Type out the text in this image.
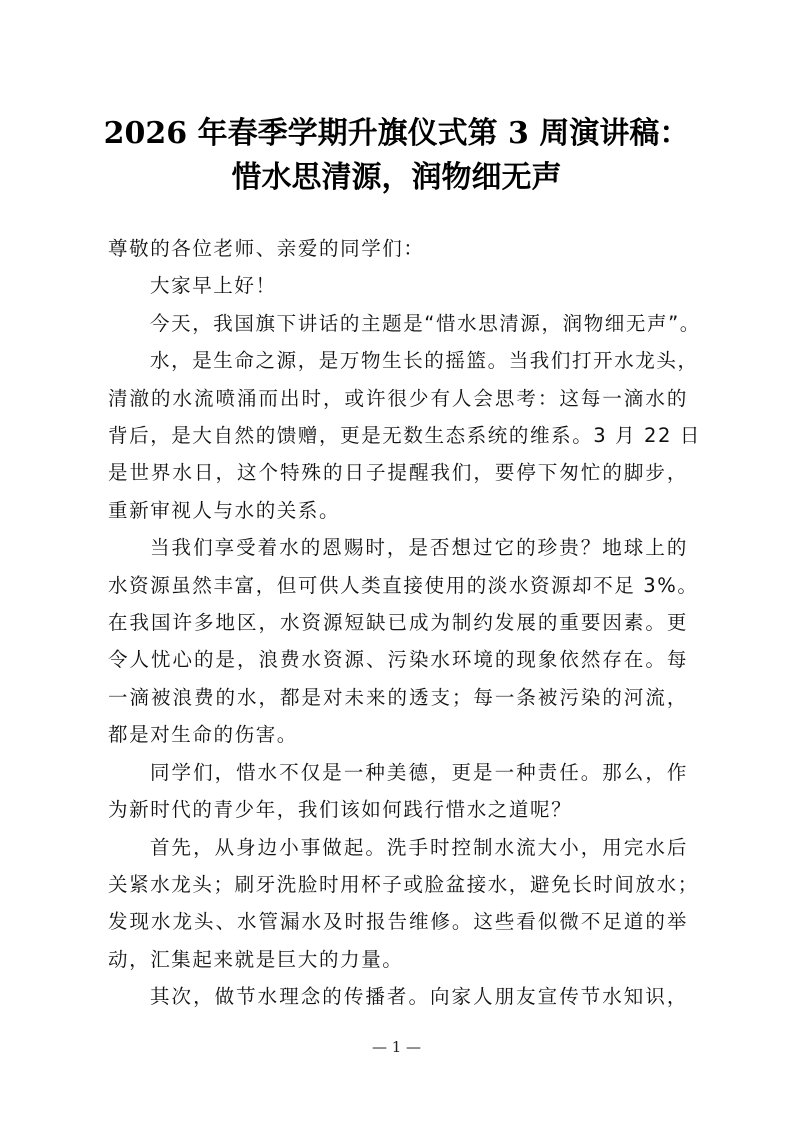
2026 年春季学期升旗仪式第 3 周演讲稿：
惜水思清源，润物细无声

尊敬的各位老师、亲爱的同学们：

大家早上好！

今天，我国旗下讲话的主题是“惜水思清源，润物细无声”。

水，是生命之源，是万物生长的摇篮。当我们打开水龙头，
清澈的水流喷涌而出时，或许很少有人会思考：这每一滴水的
背后，是大自然的馈赠，更是无数生态系统的维系。3 月 22 日
是世界水日，这个特殊的日子提醒我们，要停下匆忙的脚步，
重新审视人与水的关系。

当我们享受着水的恩赐时，是否想过它的珍贵？地球上的
水资源虽然丰富，但可供人类直接使用的淡水资源却不足 3%。
在我国许多地区，水资源短缺已成为制约发展的重要因素。更
令人忧心的是，浪费水资源、污染水环境的现象依然存在。每
一滴被浪费的水，都是对未来的透支；每一条被污染的河流，
都是对生命的伤害。

同学们，惜水不仅是一种美德，更是一种责任。那么，作
为新时代的青少年，我们该如何践行惜水之道呢？

首先，从身边小事做起。洗手时控制水流大小，用完水后
关紧水龙头；刷牙洗脸时用杯子或脸盆接水，避免长时间放水；
发现水龙头、水管漏水及时报告维修。这些看似微不足道的举
动，汇集起来就是巨大的力量。

其次，做节水理念的传播者。向家人朋友宣传节水知识，

— 1 —
